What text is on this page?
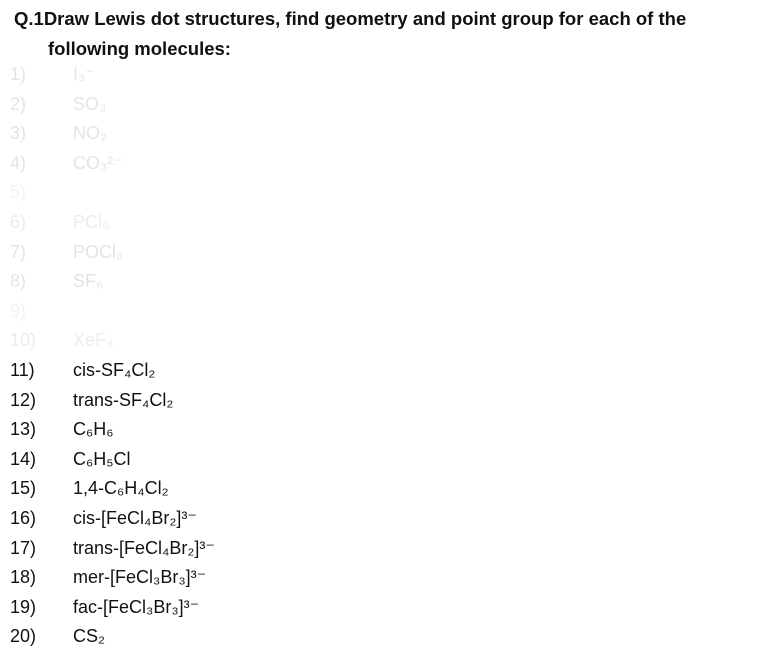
Q.1Draw Lewis dot structures, find geometry and point group for each of the
following molecules:
1)	I₃⁻
2)	SO₃
3)	NO₂
4)	CO₃²⁻
5)
6)	PCl₅
7)	POCl₃
8)	SF₆
9)
10) XeF₄
11) cis-SF₄Cl₂
12) trans-SF₄Cl₂
13) C₆H₆
14) C₆H₅Cl
15) 1,4-C₆H₄Cl₂
16) cis-[FeCl₄Br₂]³⁻
17) trans-[FeCl₄Br₂]³⁻
18) mer-[FeCl₃Br₃]³⁻
19) fac-[FeCl₃Br₃]³⁻
20) CS₂
